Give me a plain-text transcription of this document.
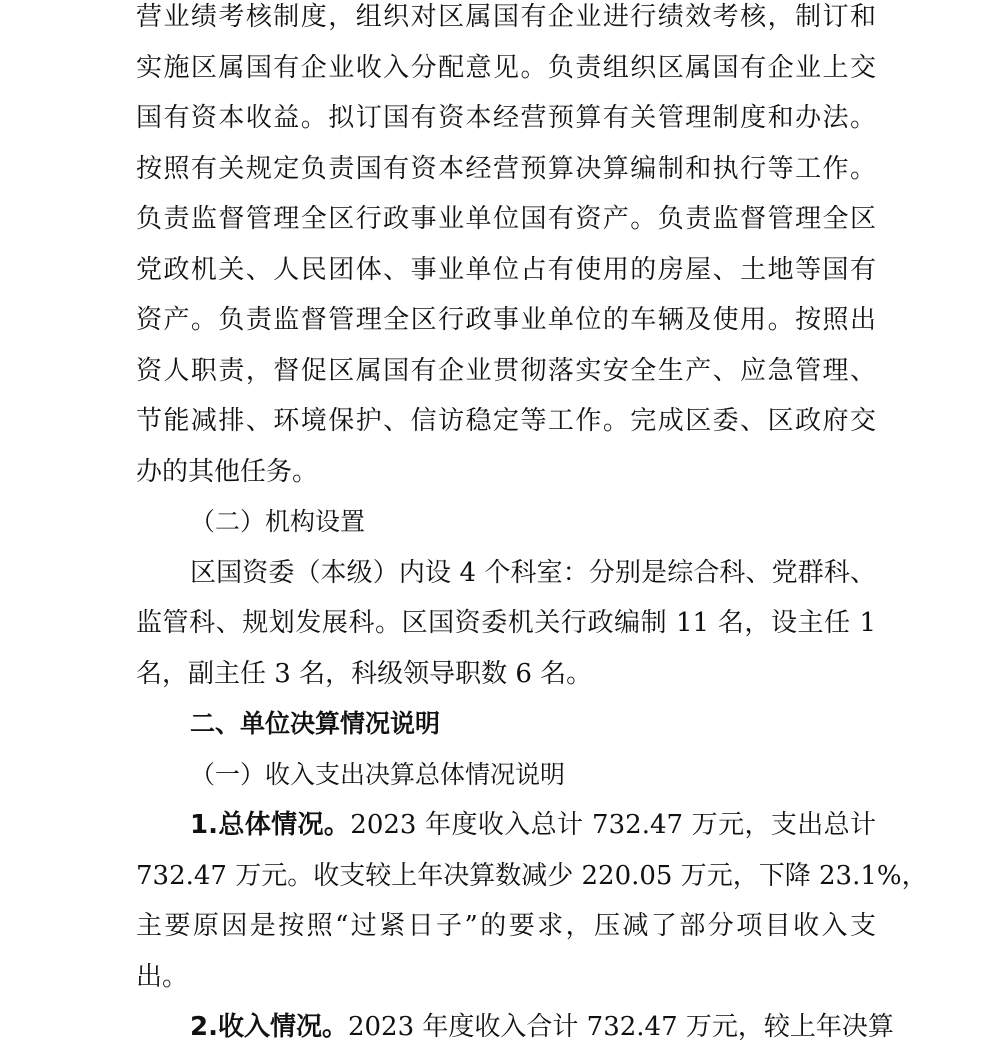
营业绩考核制度，组织对区属国有企业进行绩效考核，制订和
实施区属国有企业收入分配意见。负责组织区属国有企业上交
国有资本收益。拟订国有资本经营预算有关管理制度和办法。
按照有关规定负责国有资本经营预算决算编制和执行等工作。
负责监督管理全区行政事业单位国有资产。负责监督管理全区
党政机关、人民团体、事业单位占有使用的房屋、土地等国有
资产。负责监督管理全区行政事业单位的车辆及使用。按照出
资人职责，督促区属国有企业贯彻落实安全生产、应急管理、
节能减排、环境保护、信访稳定等工作。完成区委、区政府交
办的其他任务。
（二）机构设置
区国资委（本级）内设 4 个科室：分别是综合科、党群科、
监管科、规划发展科。区国资委机关行政编制 11 名，设主任 1
名，副主任 3 名，科级领导职数 6 名。
二、单位决算情况说明
（一）收入支出决算总体情况说明
1.总体情况。2023 年度收入总计 732.47 万元，支出总计
732.47 万元。收支较上年决算数减少 220.05 万元，下降 23.1%，
主要原因是按照“过紧日子”的要求，压减了部分项目收入支
出。
2.收入情况。2023 年度收入合计 732.47 万元，较上年决算
